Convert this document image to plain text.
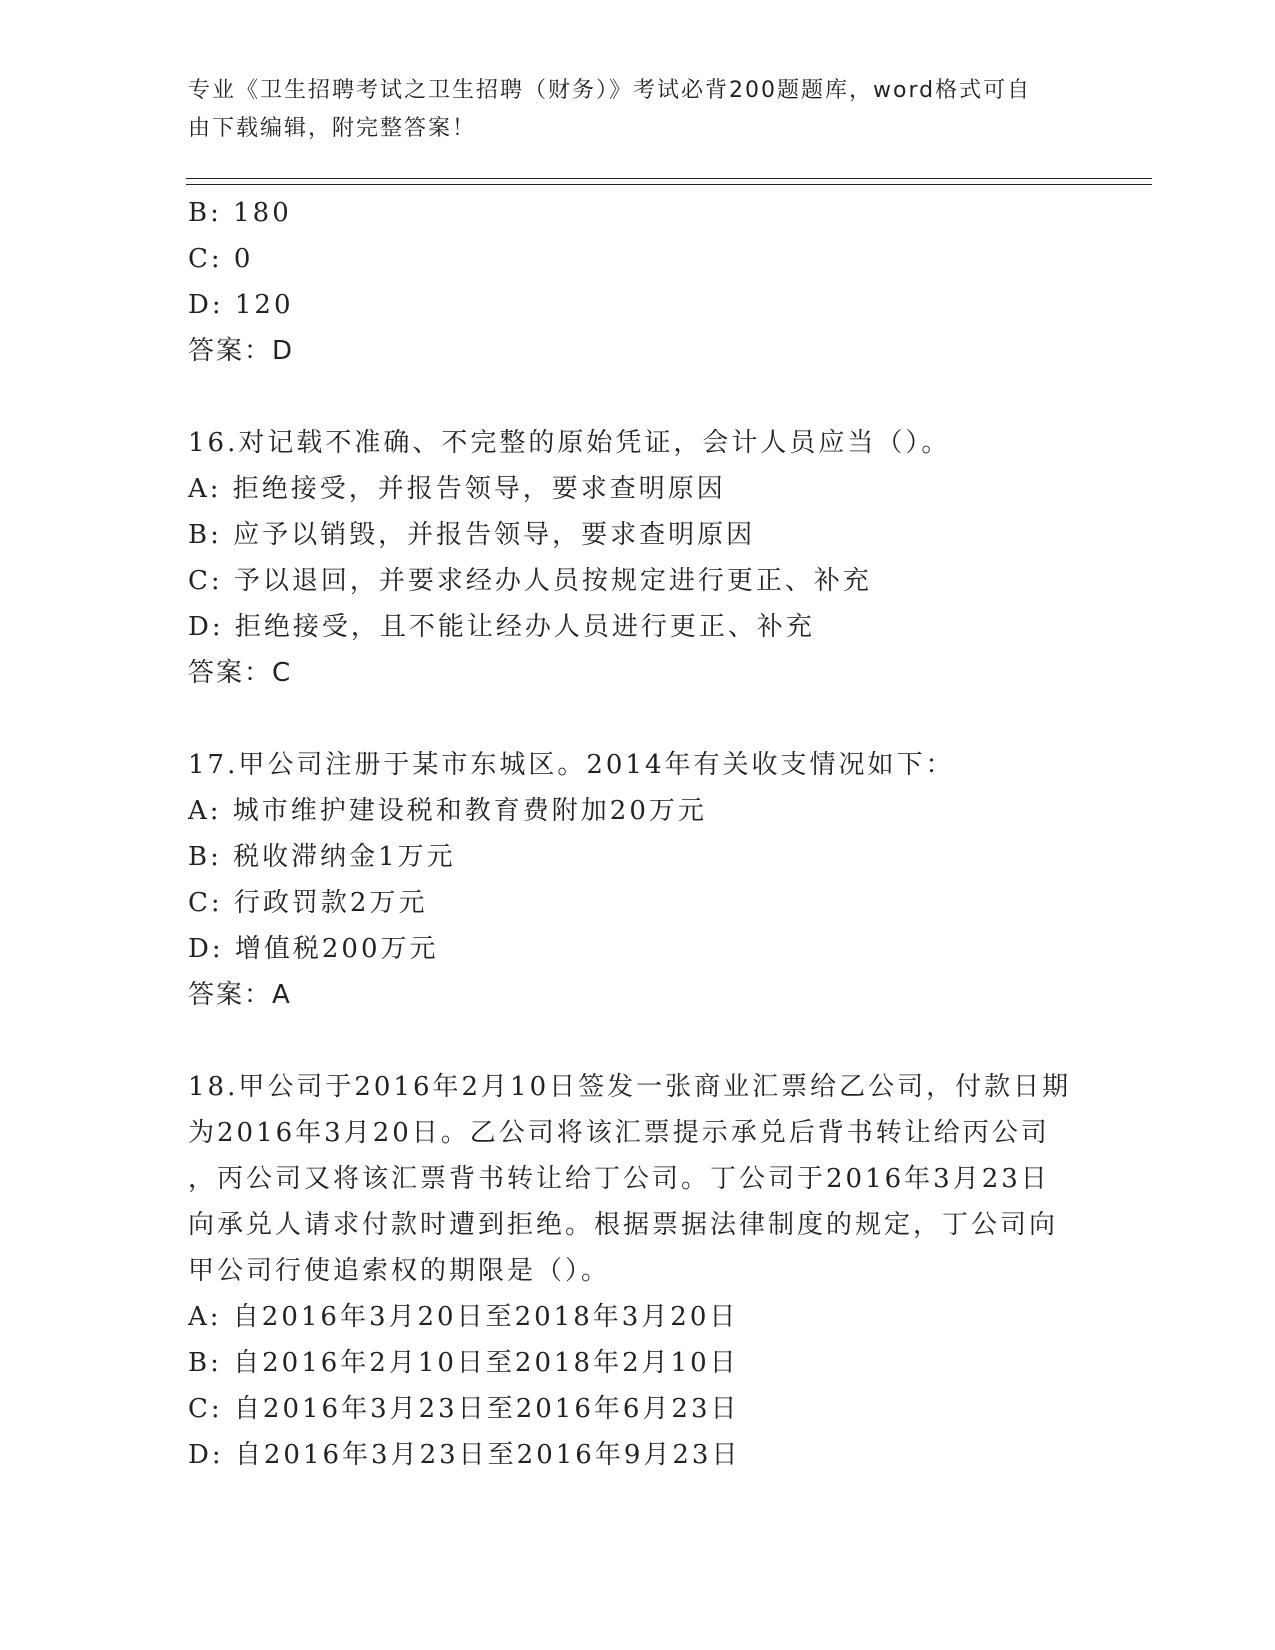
专业《卫生招聘考试之卫生招聘（财务）》考试必背200题题库，word格式可自
由下载编辑，附完整答案！
B: 180
C: 0
D: 120
答案：D
16.对记载不准确、不完整的原始凭证，会计人员应当（）。
A: 拒绝接受，并报告领导，要求查明原因
B: 应予以销毁，并报告领导，要求查明原因
C: 予以退回，并要求经办人员按规定进行更正、补充
D: 拒绝接受，且不能让经办人员进行更正、补充
答案：C
17.甲公司注册于某市东城区。2014年有关收支情况如下：
A: 城市维护建设税和教育费附加20万元
B: 税收滞纳金1万元
C: 行政罚款2万元
D: 增值税200万元
答案：A
18.甲公司于2016年2月10日签发一张商业汇票给乙公司，付款日期
为2016年3月20日。乙公司将该汇票提示承兑后背书转让给丙公司
，丙公司又将该汇票背书转让给丁公司。丁公司于2016年3月23日
向承兑人请求付款时遭到拒绝。根据票据法律制度的规定，丁公司向
甲公司行使追索权的期限是（）。
A: 自2016年3月20日至2018年3月20日
B: 自2016年2月10日至2018年2月10日
C: 自2016年3月23日至2016年6月23日
D: 自2016年3月23日至2016年9月23日
